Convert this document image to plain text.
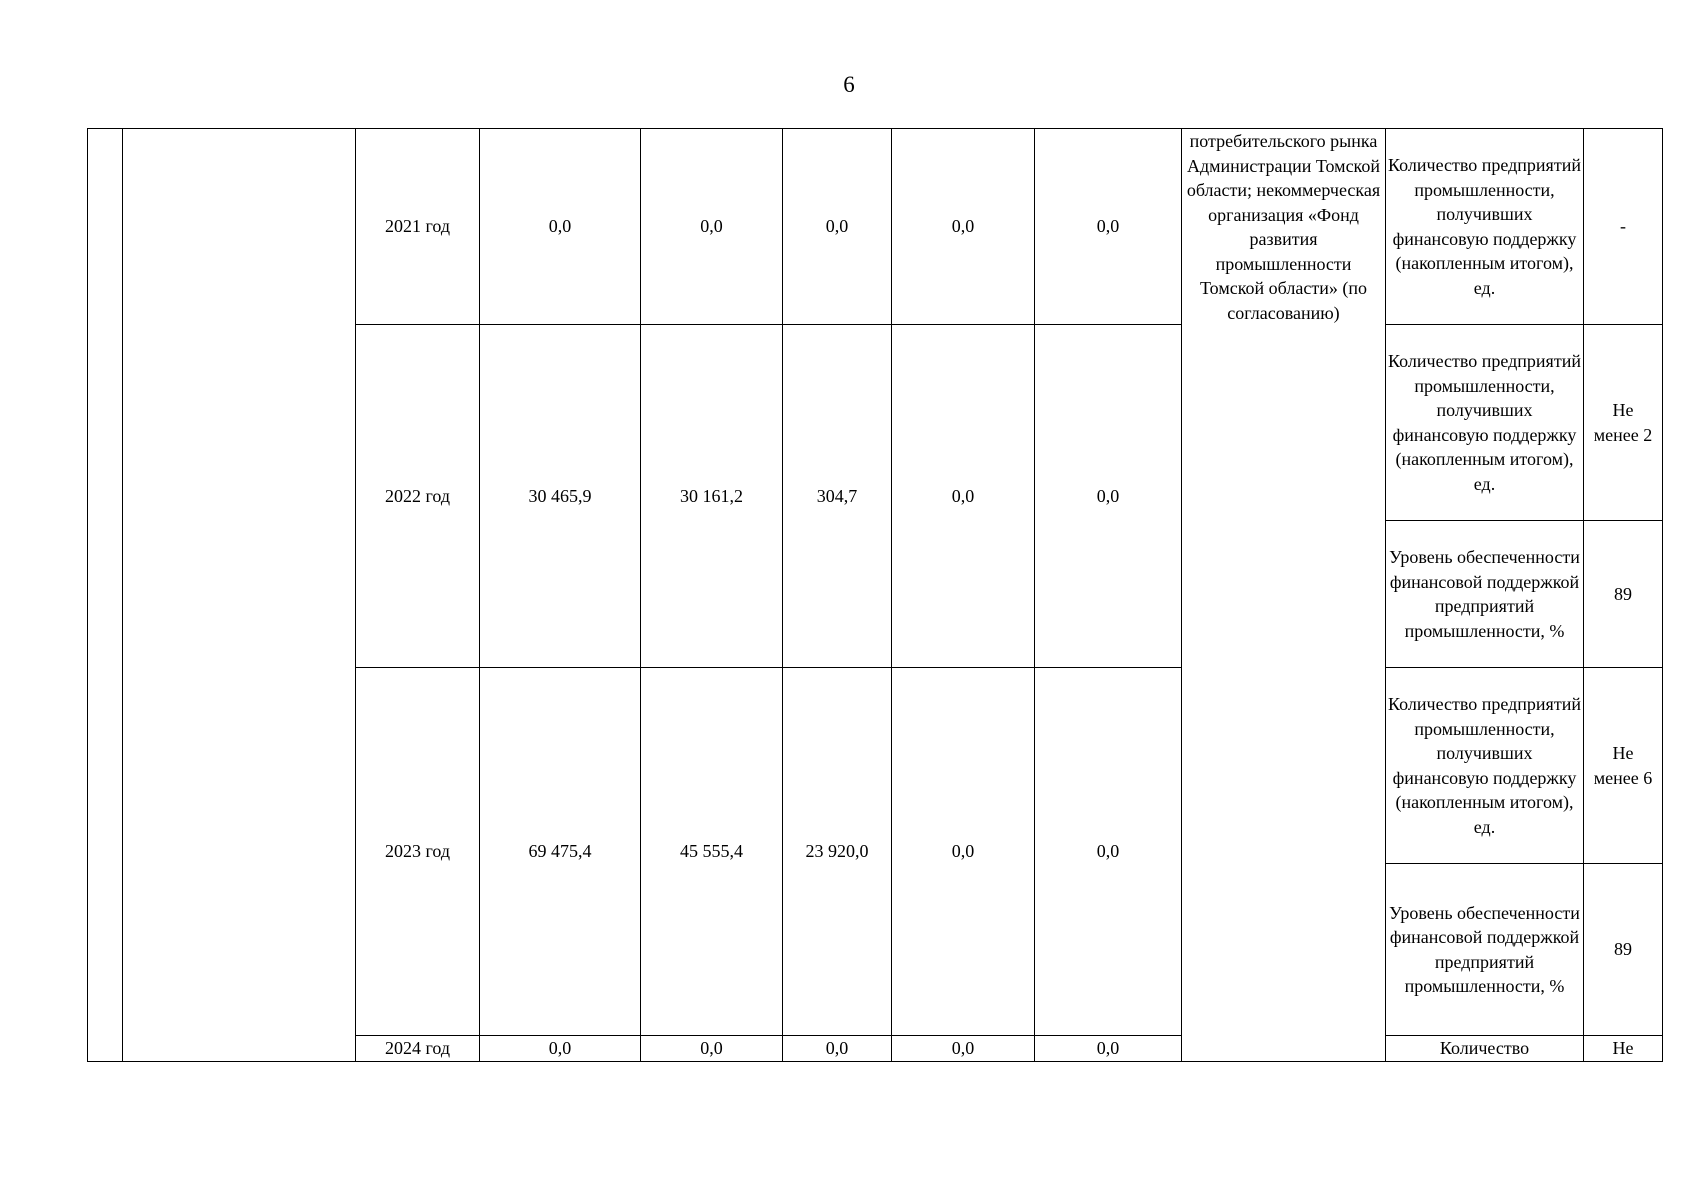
6
		2021 год	0,0	0,0	0,0	0,0	0,0	потребительского рынка Администрации Томской области; некоммерческая организация «Фонд развития промышленности Томской области» (по согласованию)	Количество предприятий промышленности, получивших финансовую поддержку (накопленным итогом), ед.	-
		2022 год	30 465,9	30 161,2	304,7	0,0	0,0		Количество предприятий промышленности, получивших финансовую поддержку (накопленным итогом), ед.	Не менее 2

									Уровень обеспеченности финансовой поддержкой предприятий промышленности, %	89
		2023 год	69 475,4	45 555,4	23 920,0	0,0	0,0		Количество предприятий промышленности, получивших финансовую поддержку (накопленным итогом), ед.	Не менее 6

									Уровень обеспеченности финансовой поддержкой предприятий промышленности, %	89
		2024 год	0,0	0,0	0,0	0,0	0,0		Количество	Не
